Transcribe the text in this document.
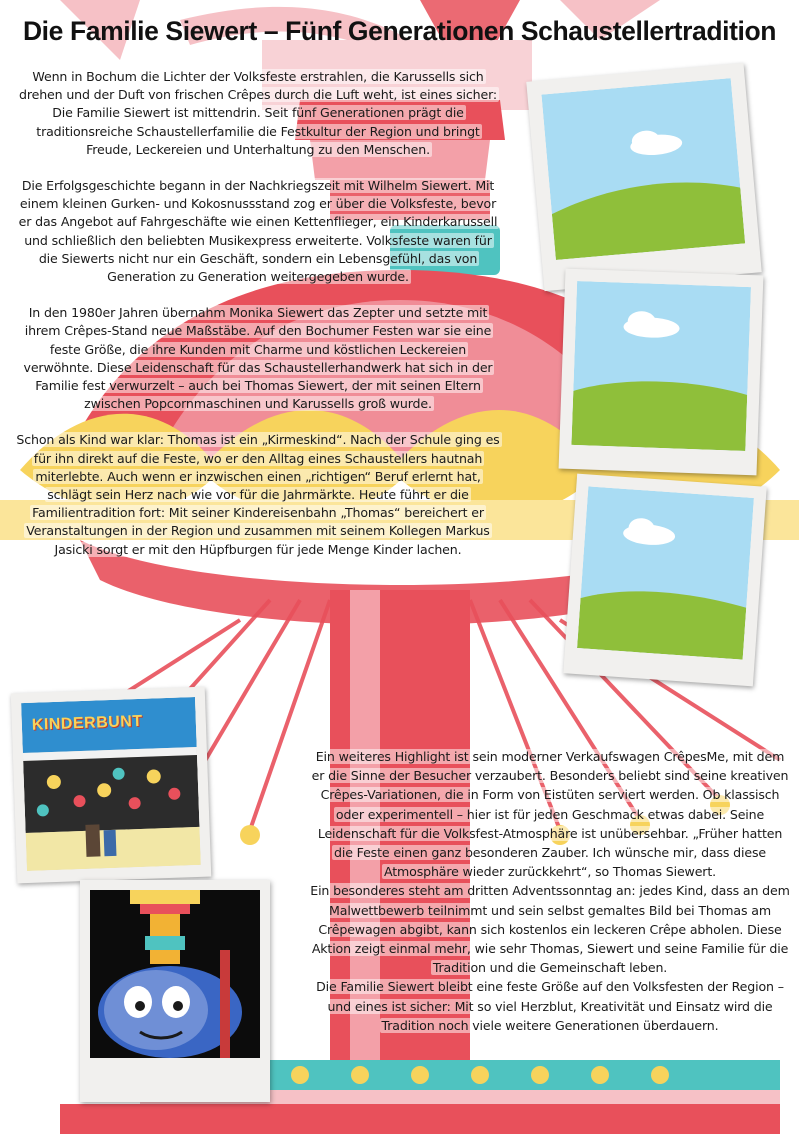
Die Familie Siewert – Fünf Generationen Schaustellertradition

Wenn in Bochum die Lichter der Volksfeste erstrahlen, die Karussells sich drehen und der Duft von frischen Crêpes durch die Luft weht, ist eines sicher: Die Familie Siewert ist mittendrin. Seit fünf Generationen prägt die traditionsreiche Schaustellerfamilie die Festkultur der Region und bringt Freude, Leckereien und Unterhaltung zu den Menschen.

Die Erfolgsgeschichte begann in der Nachkriegszeit mit Wilhelm Siewert. Mit einem kleinen Gurken- und Kokosnussstand zog er über die Volksfeste, bevor er das Angebot auf Fahrgeschäfte wie einen Kettenflieger, ein Kinderkarussell und schließlich den beliebten Musikexpress erweiterte. Volksfeste waren für die Siewerts nicht nur ein Geschäft, sondern ein Lebensgefühl, das von Generation zu Generation weitergegeben wurde.

In den 1980er Jahren übernahm Monika Siewert das Zepter und setzte mit ihrem Crêpes-Stand neue Maßstäbe. Auf den Bochumer Festen war sie eine feste Größe, die ihre Kunden mit Charme und köstlichen Leckereien verwöhnte. Diese Leidenschaft für das Schaustellerhandwerk hat sich in der Familie fest verwurzelt – auch bei Thomas Siewert, der mit seinen Eltern zwischen Popcornmaschinen und Karussells groß wurde.

Schon als Kind war klar: Thomas ist ein „Kirmeskind“. Nach der Schule ging es für ihn direkt auf die Feste, wo er den Alltag eines Schaustellers hautnah miterlebte. Auch wenn er inzwischen einen „richtigen“ Beruf erlernt hat, schlägt sein Herz nach wie vor für die Jahrmärkte. Heute führt er die Familientradition fort: Mit seiner Kindereisenbahn „Thomas“ bereichert er Veranstaltungen in der Region und zusammen mit seinem Kollegen Markus Jasicki sorgt er mit den Hüpfburgen für jede Menge Kinder lachen.

Ein weiteres Highlight ist sein moderner Verkaufswagen CrêpesMe, mit dem er die Sinne der Besucher verzaubert. Besonders beliebt sind seine kreativen Crêpes-Variationen, die in Form von Eistüten serviert werden. Ob klassisch oder experimentell – hier ist für jeden Geschmack etwas dabei. Seine Leidenschaft für die Volksfest-Atmosphäre ist unübersehbar. „Früher hatten die Feste einen ganz besonderen Zauber. Ich wünsche mir, dass diese Atmosphäre wieder zurückkehrt“, so Thomas Siewert.

Ein besonderes steht am dritten Adventssonntag an: jedes Kind, dass an dem Malwettbewerb teilnimmt und sein selbst gemaltes Bild bei Thomas am Crêpewagen abgibt, kann sich kostenlos ein leckeren Crêpe abholen. Diese Aktion zeigt einmal mehr, wie sehr Thomas, Siewert und seine Familie für die Tradition und die Gemeinschaft leben.

Die Familie Siewert bleibt eine feste Größe auf den Volksfesten der Region – und eines ist sicher: Mit so viel Herzblut, Kreativität und Einsatz wird die Tradition noch viele weitere Generationen überdauern.

KINDERBUNT
